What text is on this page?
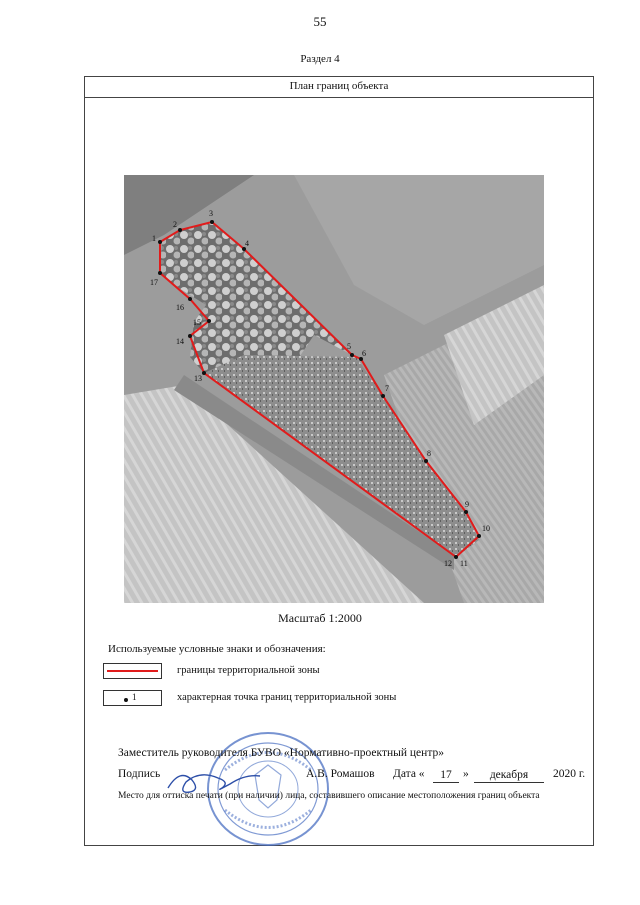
55
Раздел 4
План границ объекта
1
2
3
4
5
6
7
8
9
10
11
12
13
14
15
16
17
Масштаб 1:2000
Используемые условные знаки и обозначения:
границы территориальной зоны
1	характерная точка границ территориальной зоны
Заместитель руководителя БУВО «Нормативно-проектный центр»
Подпись	А.В. Ромашов Дата «	17 »	декабря	2020 г.
Место для оттиска печати (при наличии) лица, составившего описание местоположения границ объекта
